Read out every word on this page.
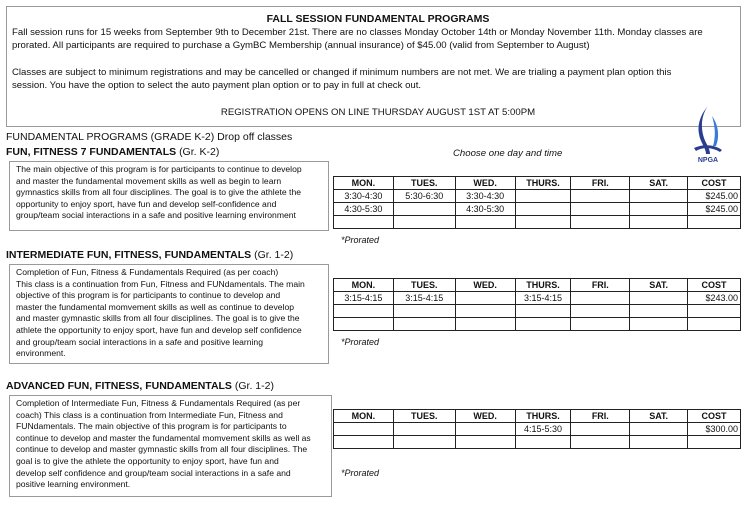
FALL SESSION FUNDAMENTAL PROGRAMS
Fall session runs for 15 weeks from September 9th to December 21st. There are no classes Monday October 14th or Monday November 11th. Monday classes are
prorated. All participants are required to purchase a GymBC Membership (annual insurance) of $45.00 (valid from September to August)
Classes are subject to minimum registrations and may be cancelled or changed if minimum numbers are not met. We are trialing a payment plan option this
session. You have the option to select the auto payment plan option or to pay in full at check out.
REGISTRATION OPENS ON LINE THURSDAY AUGUST 1ST AT 5:00PM
NPGA
FUNDAMENTAL PROGRAMS (GRADE K-2) Drop off classes
Choose one day and time
FUN, FITNESS 7 FUNDAMENTALS (Gr. K-2)
The main objective of this program is for participants to continue to develop
and master the fundamental movement skills as well as begin to learn
gymnastics skills from all four disciplines. The goal is to give the athlete the
opportunity to enjoy sport, have fun and develop self-confidence and
group/team social interactions in a safe and positive learning environment
MON.	TUES.	WED.	THURS.	FRI.	SAT.	COST
3:30-4:30	5:30-6:30	3:30-4:30				$245.00
4:30-5:30		4:30-5:30				$245.00

*Prorated
INTERMEDIATE FUN, FITNESS, FUNDAMENTALS (Gr. 1-2)
Completion of Fun, Fitness & Fundamentals Required (as per coach)
This class is a continuation from Fun, Fitness and FUNdamentals. The main
objective of this program is for participants to continue to develop and
master the fundamental momvement skills as well as continue to develop
and master gymnastic skills from all four disciplines. The goal is to give the
athlete the opportunity to enjoy sport, have fun and develop self confidence
and group/team social interactions in a safe and positive learning
environment.
MON.	TUES.	WED.	THURS.	FRI.	SAT.	COST
3:15-4:15	3:15-4:15		3:15-4:15			$243.00

*Prorated
ADVANCED FUN, FITNESS, FUNDAMENTALS (Gr. 1-2)
Completion of Intermediate Fun, Fitness & Fundamentals Required (as per
coach) This class is a continuation from Intermediate Fun, Fitness and
FUNdamentals. The main objective of this program is for participants to
continue to develop and master the fundamental momvement skills as well as
continue to develop and master gymnastic skills from all four disciplines. The
goal is to give the athlete the opportunity to enjoy sport, have fun and
develop self confidence and group/team social interactions in a safe and
positive learning environment.
MON.	TUES.	WED.	THURS.	FRI.	SAT.	COST
			4:15-5:30			$300.00

*Prorated
